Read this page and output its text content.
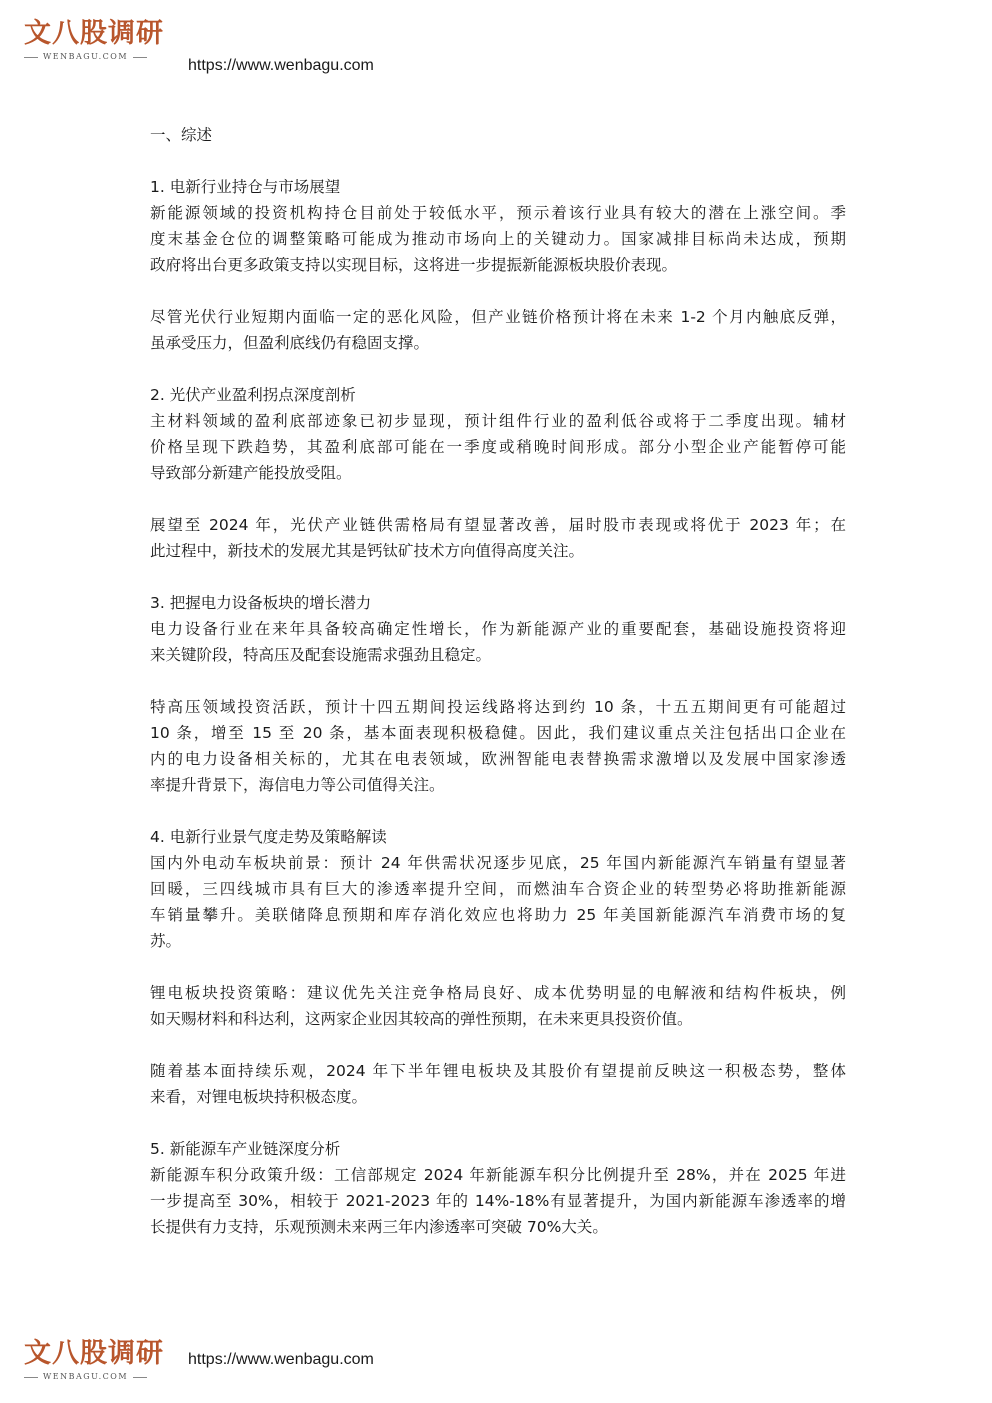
文八股调研
WENBAGU.COM
https://www.wenbagu.com
一、综述
1. 电新行业持仓与市场展望
新能源领域的投资机构持仓目前处于较低水平，预示着该行业具有较大的潜在上涨空间。季
度末基金仓位的调整策略可能成为推动市场向上的关键动力。国家减排目标尚未达成，预期
政府将出台更多政策支持以实现目标，这将进一步提振新能源板块股价表现。
尽管光伏行业短期内面临一定的恶化风险，但产业链价格预计将在未来 1-2 个月内触底反弹，
虽承受压力，但盈利底线仍有稳固支撑。
2. 光伏产业盈利拐点深度剖析
主材料领域的盈利底部迹象已初步显现，预计组件行业的盈利低谷或将于二季度出现。辅材
价格呈现下跌趋势，其盈利底部可能在一季度或稍晚时间形成。部分小型企业产能暂停可能
导致部分新建产能投放受阻。
展望至 2024 年，光伏产业链供需格局有望显著改善，届时股市表现或将优于 2023 年；在
此过程中，新技术的发展尤其是钙钛矿技术方向值得高度关注。
3. 把握电力设备板块的增长潜力
电力设备行业在来年具备较高确定性增长，作为新能源产业的重要配套，基础设施投资将迎
来关键阶段，特高压及配套设施需求强劲且稳定。
特高压领域投资活跃，预计十四五期间投运线路将达到约 10 条，十五五期间更有可能超过
10 条，增至 15 至 20 条，基本面表现积极稳健。因此，我们建议重点关注包括出口企业在
内的电力设备相关标的，尤其在电表领域，欧洲智能电表替换需求激增以及发展中国家渗透
率提升背景下，海信电力等公司值得关注。
4. 电新行业景气度走势及策略解读
国内外电动车板块前景：预计 24 年供需状况逐步见底，25 年国内新能源汽车销量有望显著
回暖，三四线城市具有巨大的渗透率提升空间，而燃油车合资企业的转型势必将助推新能源
车销量攀升。美联储降息预期和库存消化效应也将助力 25 年美国新能源汽车消费市场的复
苏。
锂电板块投资策略：建议优先关注竞争格局良好、成本优势明显的电解液和结构件板块，例
如天赐材料和科达利，这两家企业因其较高的弹性预期，在未来更具投资价值。
随着基本面持续乐观，2024 年下半年锂电板块及其股价有望提前反映这一积极态势，整体
来看，对锂电板块持积极态度。
5. 新能源车产业链深度分析
新能源车积分政策升级：工信部规定 2024 年新能源车积分比例提升至 28%，并在 2025 年进
一步提高至 30%，相较于 2021-2023 年的 14%-18%有显著提升，为国内新能源车渗透率的增
长提供有力支持，乐观预测未来两三年内渗透率可突破 70%大关。
文八股调研
WENBAGU.COM
https://www.wenbagu.com
